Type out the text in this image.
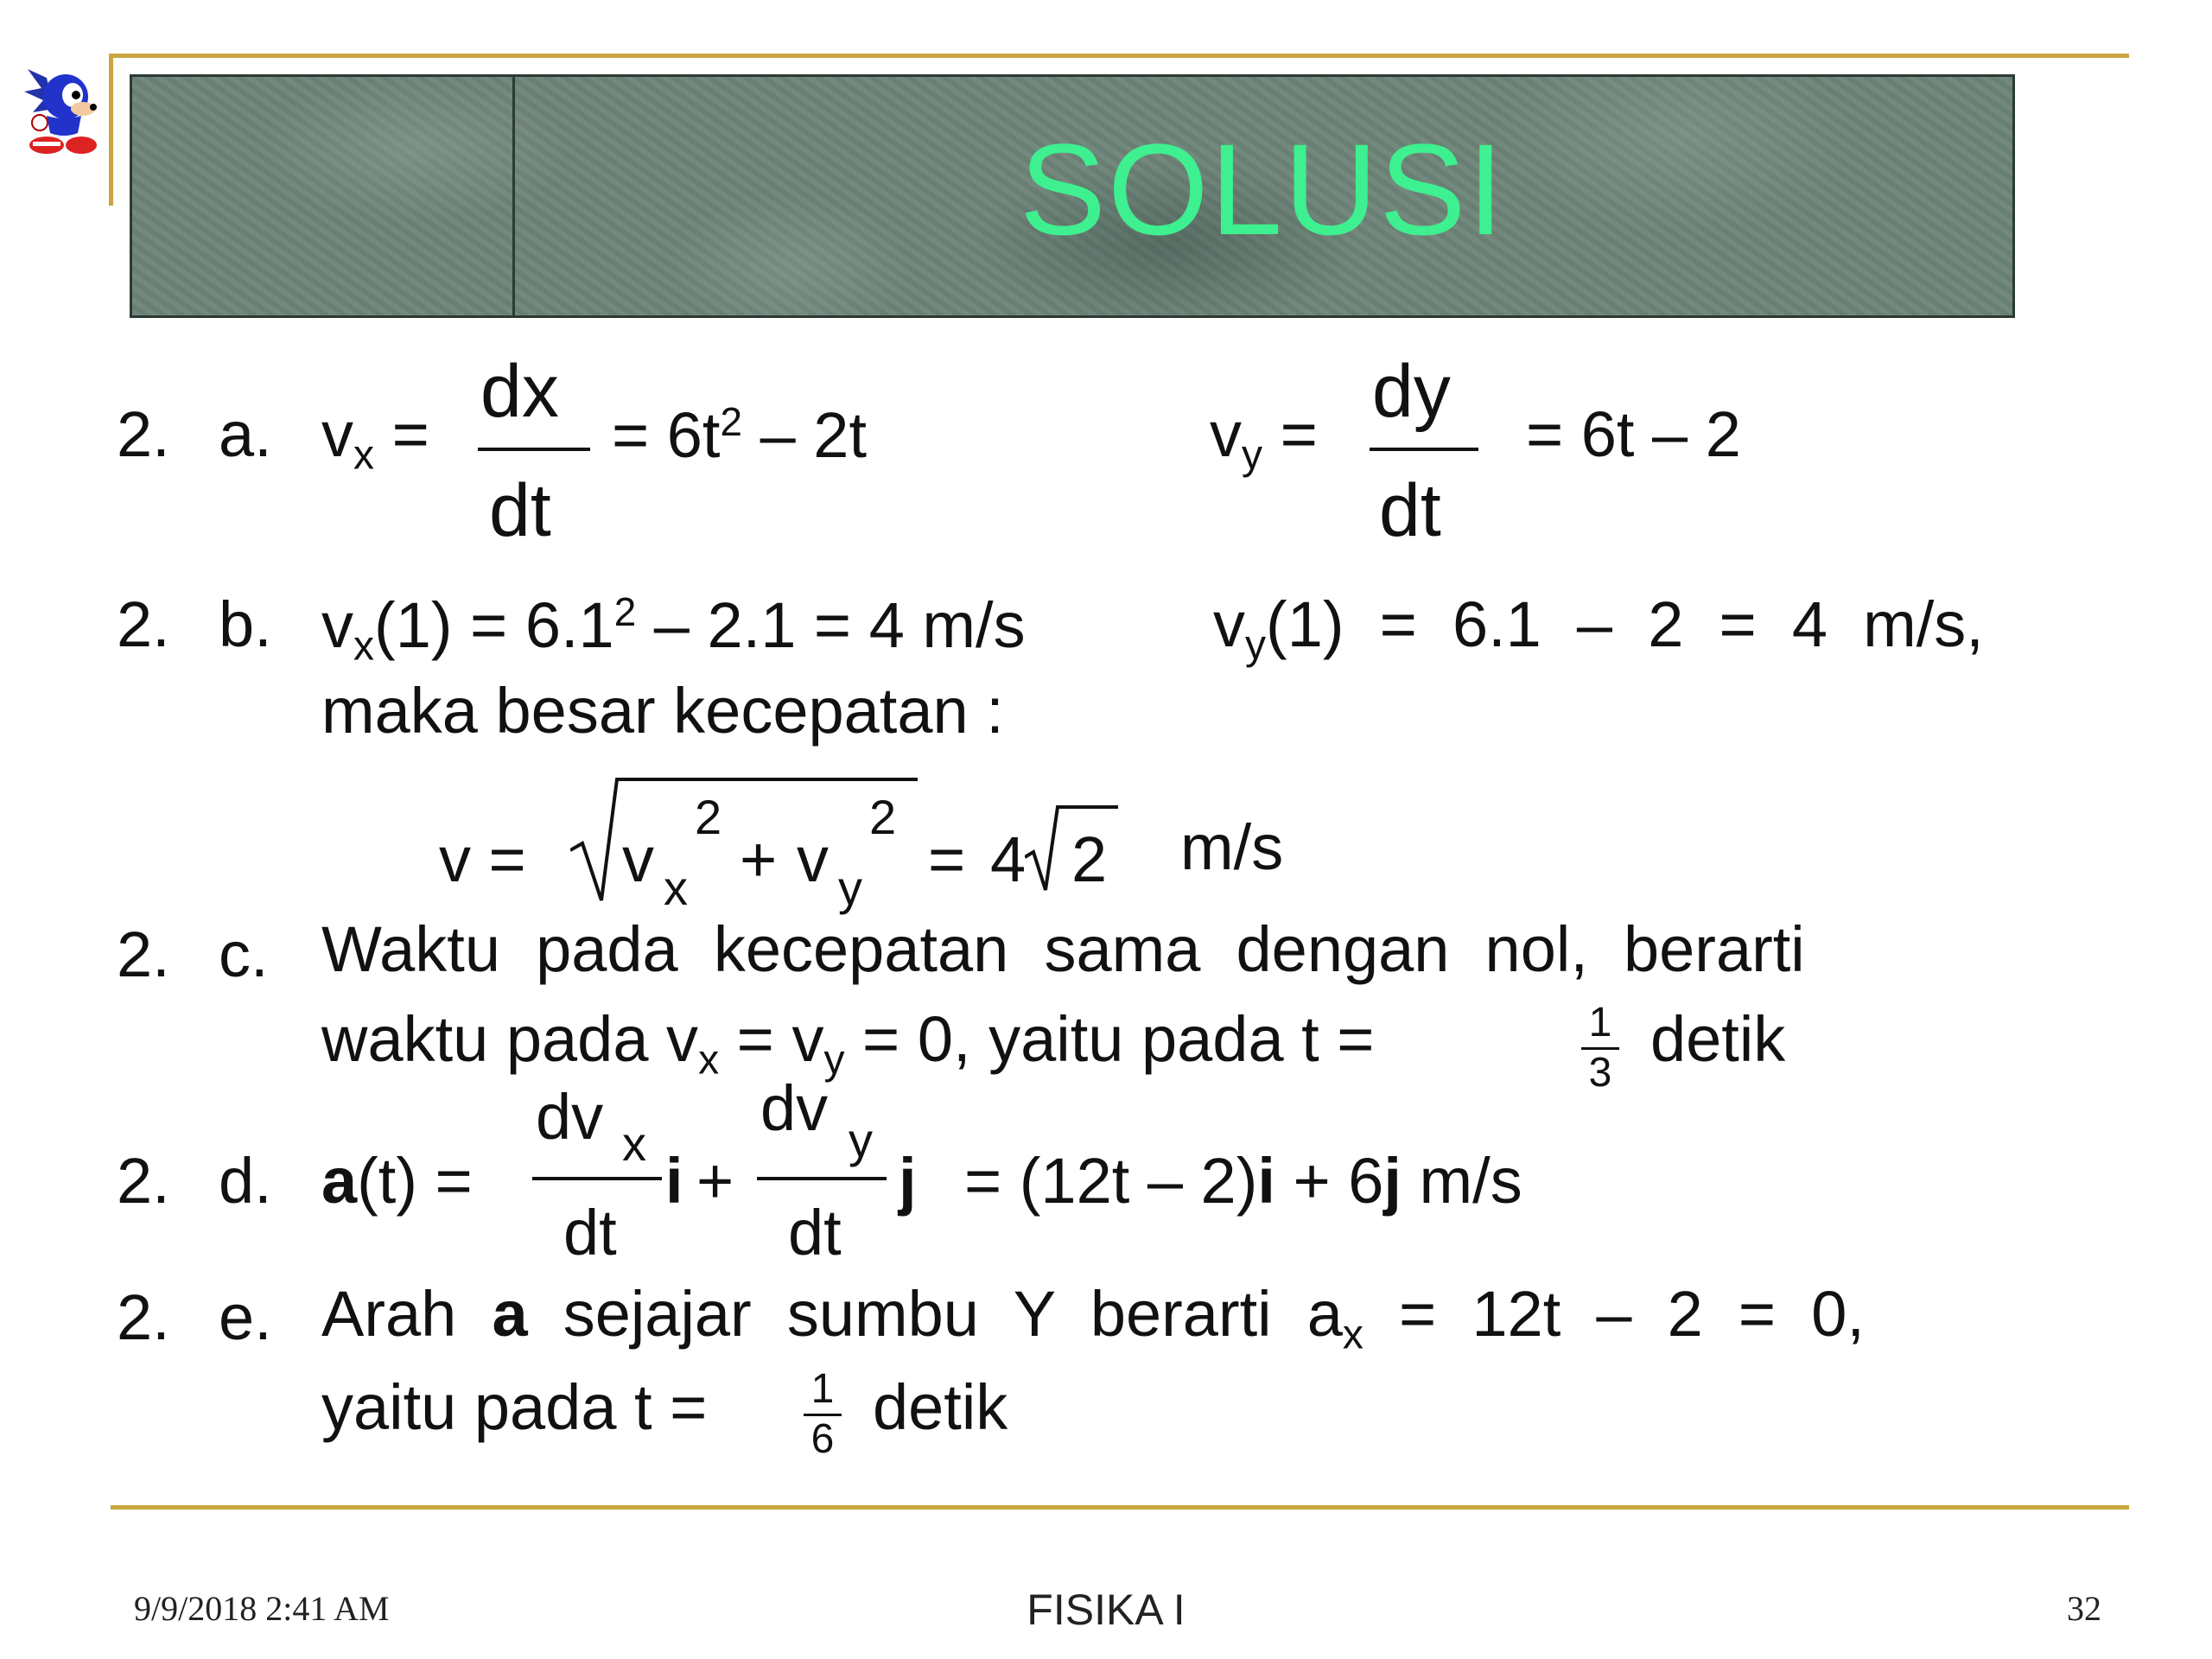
SOLUSI
2. a. $v_x$ =
dx
dt
= $6t^2 - 2t$	$v_y$ =
dy
dt
= 6t – 2
2. b. $v_x(1) = 6.1^2 - 2.1 = 4$ m/s	$v_y(1) = 6.1 - 2 = 4$  m/s,
maka besar kecepatan :
v = v x
2
+ v y
2
= 4 2 m/s
2. c. Waktu  pada  kecepatan  sama  dengan  nol,  berarti
waktu pada $v_x = v_y = 0$, yaitu pada t =	1
3 detik
2. d. a(t) =
dv x
dt
i +
dv y
dt
j = (12t – 2)i + 6j m/s
2. e. Arah  a  sejajar  sumbu  Y  berarti  $a_x = 12t - 2 = 0$,
yaitu pada t =	1
6 detik
9/9/2018 2:41 AM	FISIKA I	32
